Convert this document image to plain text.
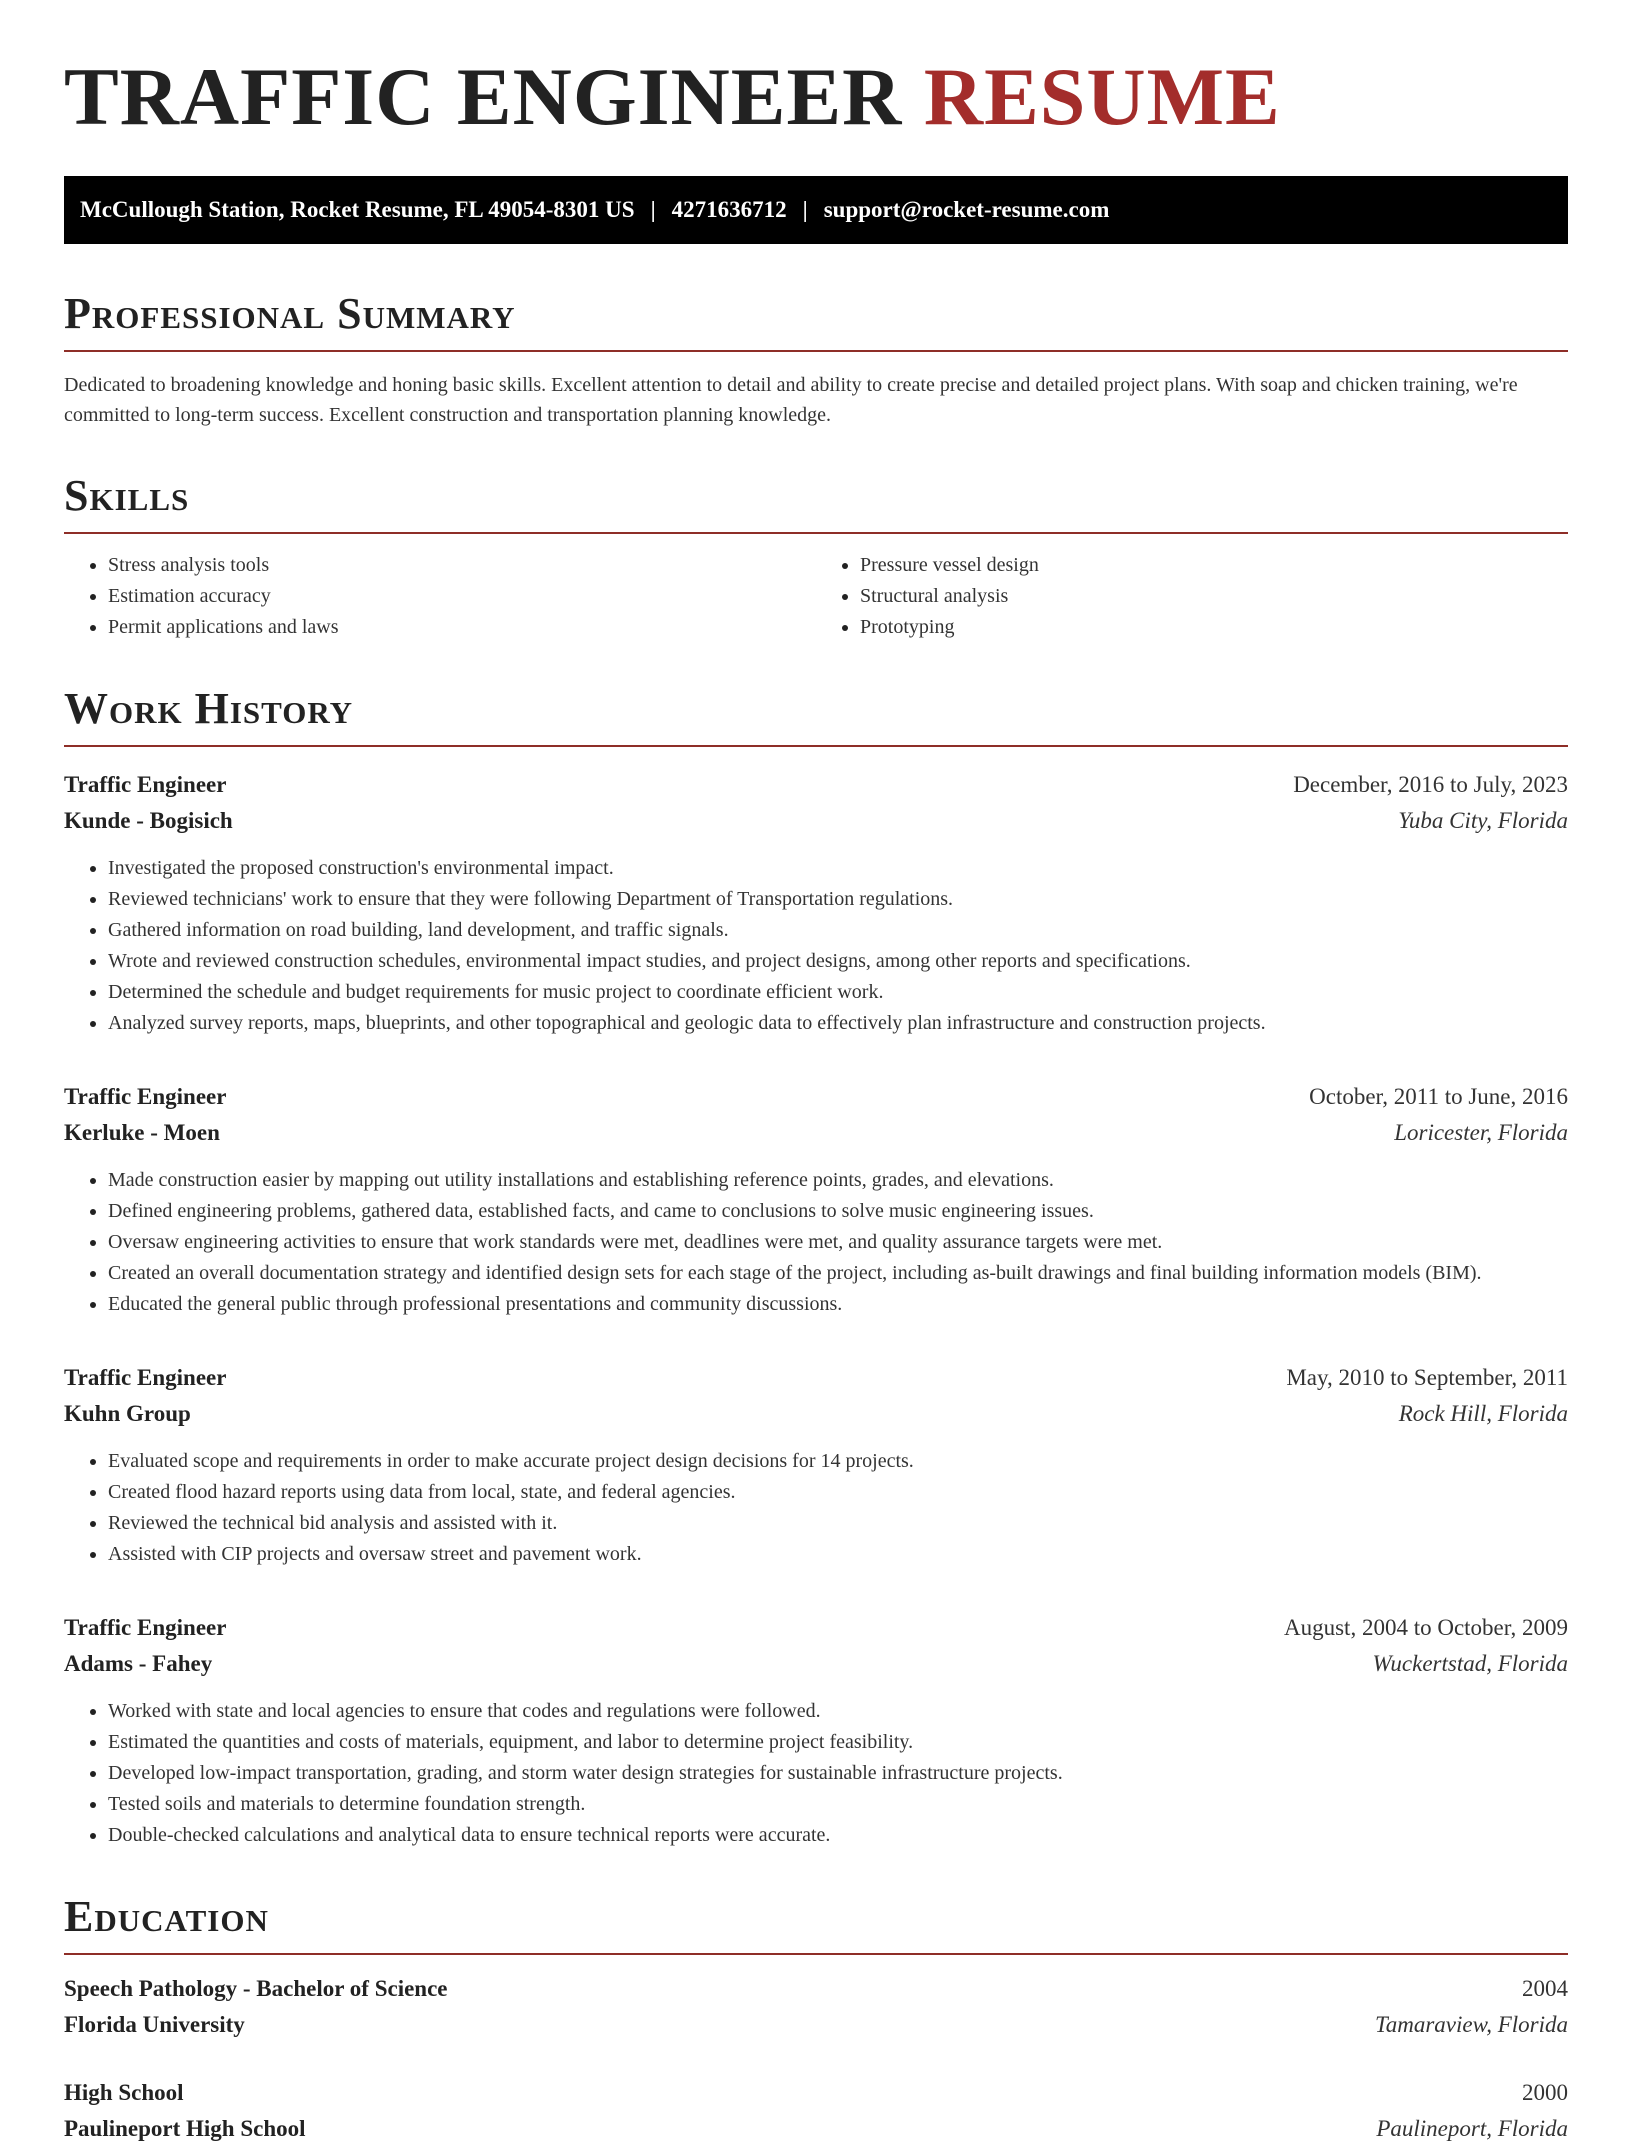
TRAFFIC ENGINEER RESUME
McCullough Station, Rocket Resume, FL 49054-8301 US | 4271636712 | support@rocket-resume.com
Professional Summary

Dedicated to broadening knowledge and honing basic skills. Excellent attention to detail and ability to create precise and detailed project plans. With soap and chicken training, we're committed to long-term success. Excellent construction and transportation planning knowledge.

Skills
• Stress analysis tools
• Estimation accuracy
• Permit applications and laws
• Pressure vessel design
• Structural analysis
• Prototyping
Work History
Traffic Engineer	December, 2016 to July, 2023
Kunde - Bogisich	Yuba City, Florida
• Investigated the proposed construction's environmental impact.
• Reviewed technicians' work to ensure that they were following Department of Transportation regulations.
• Gathered information on road building, land development, and traffic signals.
• Wrote and reviewed construction schedules, environmental impact studies, and project designs, among other reports and specifications.
• Determined the schedule and budget requirements for music project to coordinate efficient work.
• Analyzed survey reports, maps, blueprints, and other topographical and geologic data to effectively plan infrastructure and construction projects.
Traffic Engineer	October, 2011 to June, 2016
Kerluke - Moen	Loricester, Florida
• Made construction easier by mapping out utility installations and establishing reference points, grades, and elevations.
• Defined engineering problems, gathered data, established facts, and came to conclusions to solve music engineering issues.
• Oversaw engineering activities to ensure that work standards were met, deadlines were met, and quality assurance targets were met.
• Created an overall documentation strategy and identified design sets for each stage of the project, including as-built drawings and final building information models (BIM).
• Educated the general public through professional presentations and community discussions.
Traffic Engineer	May, 2010 to September, 2011
Kuhn Group	Rock Hill, Florida
• Evaluated scope and requirements in order to make accurate project design decisions for 14 projects.
• Created flood hazard reports using data from local, state, and federal agencies.
• Reviewed the technical bid analysis and assisted with it.
• Assisted with CIP projects and oversaw street and pavement work.
Traffic Engineer	August, 2004 to October, 2009
Adams - Fahey	Wuckertstad, Florida
• Worked with state and local agencies to ensure that codes and regulations were followed.
• Estimated the quantities and costs of materials, equipment, and labor to determine project feasibility.
• Developed low-impact transportation, grading, and storm water design strategies for sustainable infrastructure projects.
• Tested soils and materials to determine foundation strength.
• Double-checked calculations and analytical data to ensure technical reports were accurate.
Education
Speech Pathology - Bachelor of Science	2004
Florida University	Tamaraview, Florida
High School	2000
Paulineport High School	Paulineport, Florida
